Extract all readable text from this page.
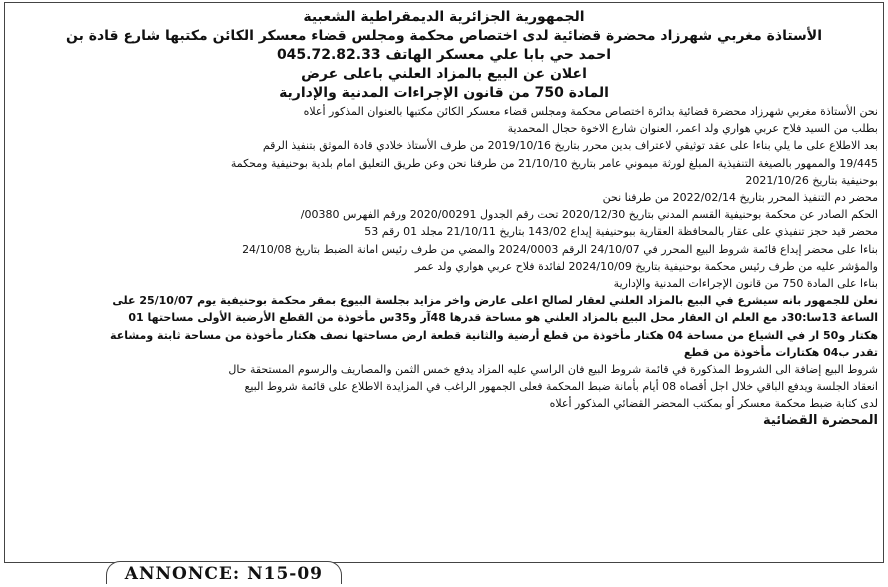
الجمهورية الجزائرية الديمقراطية الشعبية

الأستاذة مغربي شهرزاد محضرة قضائية لدى اختصاص محكمة ومجلس قضاء معسكر الكائن مكتبها شارع قادة بن

احمد حي بابا علي معسكر الهاتف 045.72.82.33

اعلان عن البيع بالمزاد العلني باعلى عرض

المادة 750 من قانون الإجراءات المدنية والإدارية

نحن الأستاذة مغربي شهرزاد محضرة قضائية بدائرة اختصاص محكمة ومجلس قضاء معسكر الكائن مكتبها بالعنوان المذكور أعلاه

بطلب من السيد فلاح عربي هواري ولد اعمر، العنوان شارع الاخوة حجال المحمدية

بعد الاطلاع على ما يلي بناءا على عقد توثيقي لاعتراف بدين محرر بتاريخ 2019/10/16 من طرف الأستاذ خلادي قادة الموثق بتنفيذ الرقم

19/445 والممهور بالصيغة التنفيذية المبلغ لورثة ميموني عامر بتاريخ 21/10/10 من طرفنا نحن وعن طريق التعليق امام بلدية بوحنيفية ومحكمة

بوحنيفية بتاريخ 2021/10/26

محضر دم التنفيذ المحرر بتاريخ 2022/02/14 من طرفنا نحن

الحكم الصادر عن محكمة بوحنيفية القسم المدني بتاريخ 2020/12/30 تحت رقم الجدول 2020/00291 ورقم الفهرس 00380/

محضر قيد حجز تنفيذي على عقار بالمحافظة العقارية ببوحنيفية إيداع 143/02 بتاريخ 21/10/11 مجلد 01 رقم 53

بناءا على محضر إيداع قائمة شروط البيع المحرر في 24/10/07 الرقم 2024/0003 والمضي من طرف رئيس امانة الضبط بتاريخ 24/10/08

والمؤشر عليه من طرف رئيس محكمة بوحنيفية بتاريخ 2024/10/09 لفائدة فلاح عربي هواري ولد عمر

بناءا على المادة 750 من قانون الإجراءات المدنية والإدارية

نعلن للجمهور بانه سيشرع في البيع بالمزاد العلني لعقار لصالح اعلى عارض واخر مزايد بجلسة البيوع بمقر محكمة بوحنيفية يوم 25/10/07 على

الساعة 13سا:30د مع العلم ان العقار محل البيع بالمزاد العلني هو مساحة قدرها 48آر و35س مأخوذة من القطع الأرضية الأولى مساحتها 01

هكتار و50 ار في الشياع من مساحة 04 هكتار مأخوذة من قطع أرضية والثانية قطعة ارض مساحتها نصف هكتار مأخوذة من مساحة ثابتة ومشاعة

تقدر ب04 هكتارات مأخوذة من قطع

شروط البيع إضافة الى الشروط المذكورة في قائمة شروط البيع فان الراسي عليه المزاد يدفع خمس الثمن والمصاريف والرسوم المستحقة حال

انعقاد الجلسة ويدفع الباقي خلال اجل أقصاه 08 أيام بأمانة ضبط المحكمة فعلى الجمهور الراغب في المزايدة الاطلاع على قائمة شروط البيع

لدى كتابة ضبط محكمة معسكر أو بمكتب المحضر القضائي المذكور أعلاه

المحضرة القضائية
ANNONCE: N15-09
